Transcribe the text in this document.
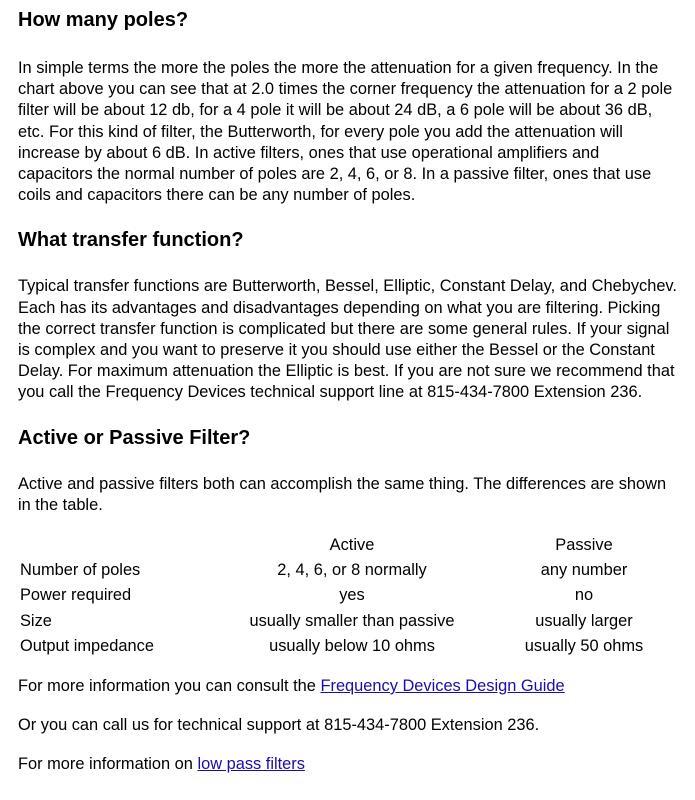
How many poles?

In simple terms the more the poles the more the attenuation for a given frequency. In the chart above you can see that at 2.0 times the corner frequency the attenuation for a 2 pole filter will be about 12 db, for a 4 pole it will be about 24 dB, a 6 pole will be about 36 dB, etc. For this kind of filter, the Butterworth, for every pole you add the attenuation will increase by about 6 dB. In active filters, ones that use operational amplifiers and capacitors the normal number of poles are 2, 4, 6, or 8. In a passive filter, ones that use coils and capacitors there can be any number of poles.

What transfer function?

Typical transfer functions are Butterworth, Bessel, Elliptic, Constant Delay, and Chebychev. Each has its advantages and disadvantages depending on what you are filtering. Picking the correct transfer function is complicated but there are some general rules. If your signal is complex and you want to preserve it you should use either the Bessel or the Constant Delay. For maximum attenuation the Elliptic is best. If you are not sure we recommend that you call the Frequency Devices technical support line at 815-434-7800 Extension 236.

Active or Passive Filter?

Active and passive filters both can accomplish the same thing. The differences are shown in the table.

	Active	Passive
Number of poles	2, 4, 6, or 8 normally	any number
Power required	yes	no
Size	usually smaller than passive	usually larger
Output impedance	usually below 10 ohms	usually 50 ohms

For more information you can consult the Frequency Devices Design Guide

Or you can call us for technical support at 815-434-7800 Extension 236.

For more information on low pass filters
